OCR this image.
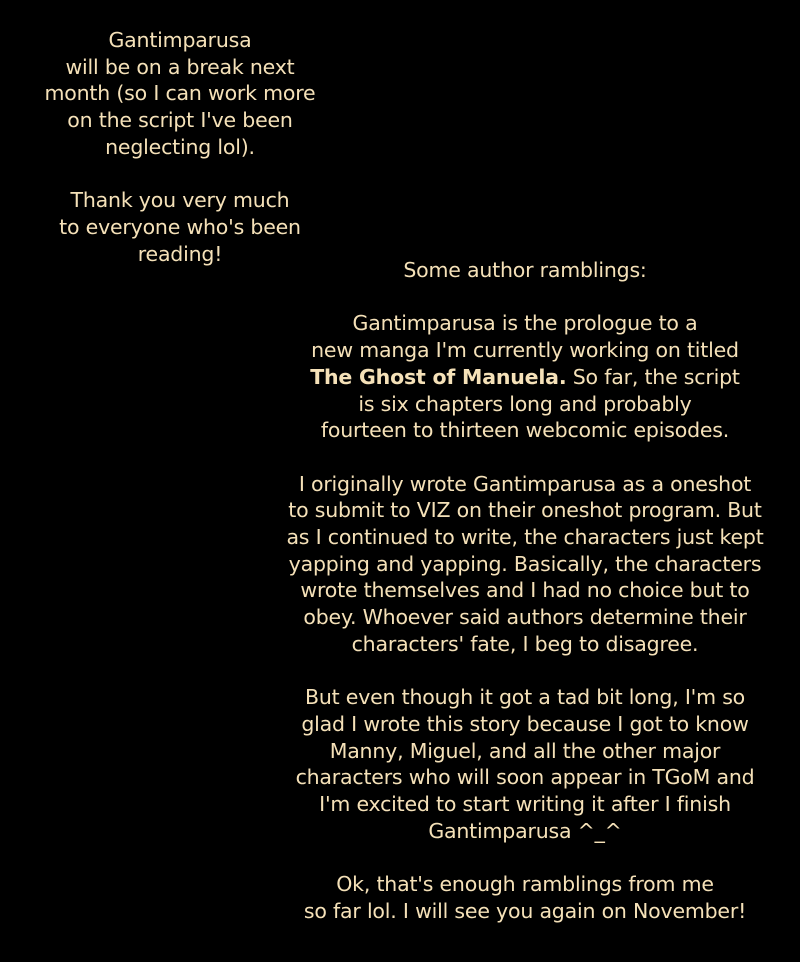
Gantimparusa
will be on a break next
month (so I can work more
on the script I've been
neglecting lol).
Thank you very much
to everyone who's been
reading!
Some author ramblings:
Gantimparusa is the prologue to a
new manga I'm currently working on titled
The Ghost of Manuela. So far, the script
is six chapters long and probably
fourteen to thirteen webcomic episodes.
I originally wrote Gantimparusa as a oneshot
to submit to VIZ on their oneshot program. But
as I continued to write, the characters just kept
yapping and yapping. Basically, the characters
wrote themselves and I had no choice but to
obey. Whoever said authors determine their
characters' fate, I beg to disagree.
But even though it got a tad bit long, I'm so
glad I wrote this story because I got to know
Manny, Miguel, and all the other major
characters who will soon appear in TGoM and
I'm excited to start writing it after I finish
Gantimparusa ^_^
Ok, that's enough ramblings from me
so far lol. I will see you again on November!
